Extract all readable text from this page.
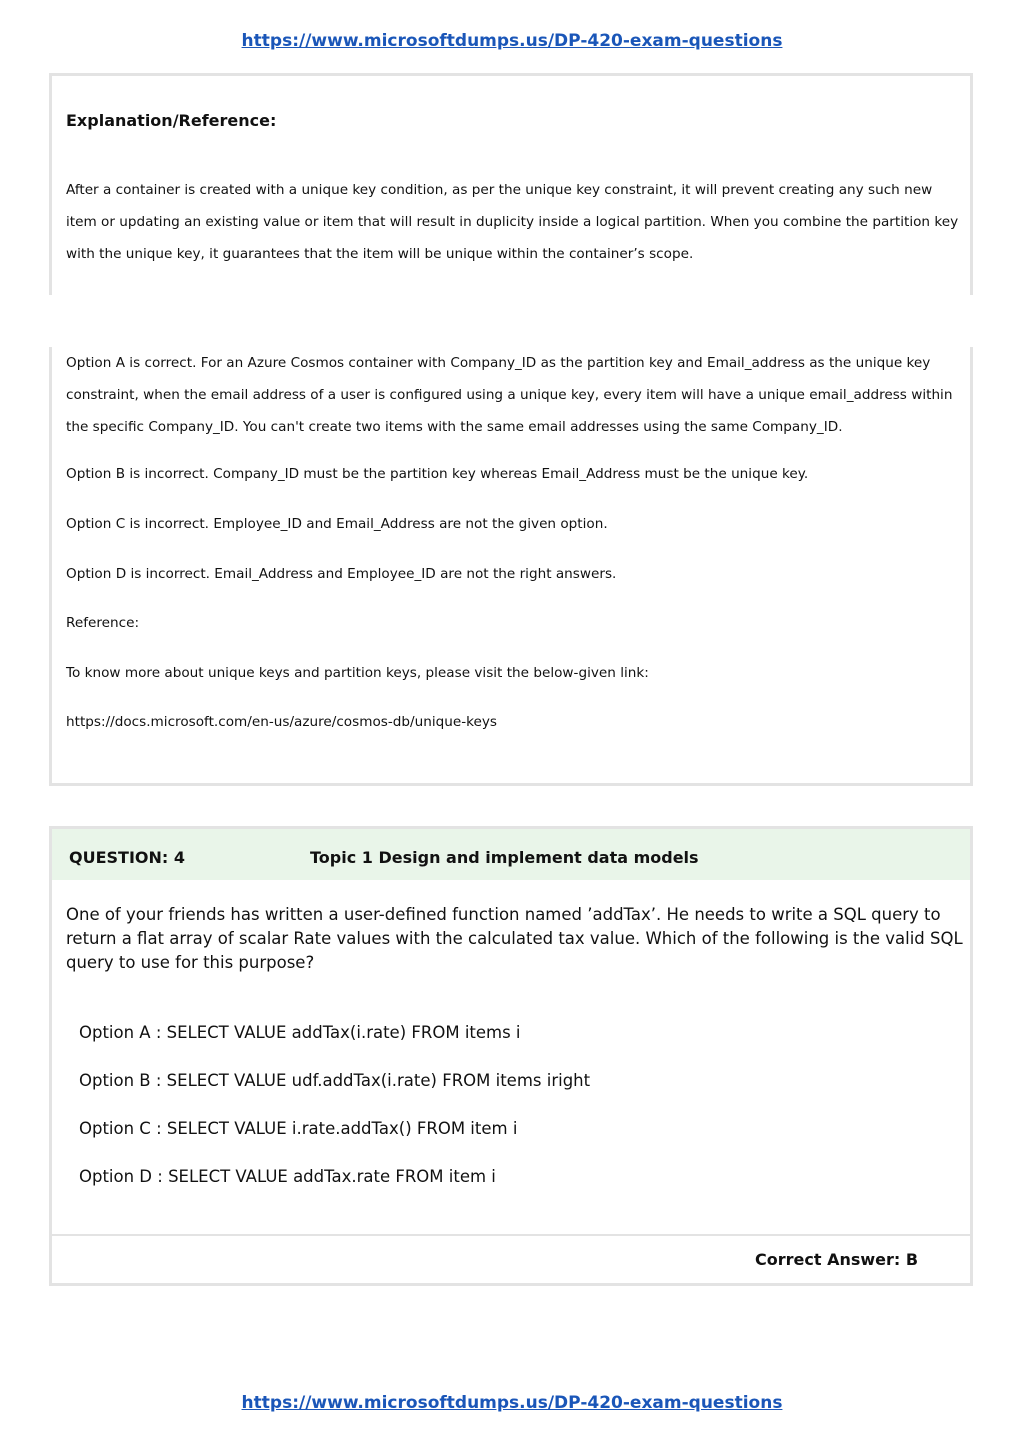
https://www.microsoftdumps.us/DP-420-exam-questions
Explanation/Reference:

After a container is created with a unique key condition, as per the unique key constraint, it will prevent creating any such new item or updating an existing value or item that will result in duplicity inside a logical partition. When you combine the partition key with the unique key, it guarantees that the item will be unique within the container’s scope.

Option A is correct. For an Azure Cosmos container with Company_ID as the partition key and Email_address as the unique key constraint, when the email address of a user is configured using a unique key, every item will have a unique email_address within the specific Company_ID. You can't create two items with the same email addresses using the same Company_ID.

Option B is incorrect. Company_ID must be the partition key whereas Email_Address must be the unique key.

Option C is incorrect. Employee_ID and Email_Address are not the given option.

Option D is incorrect. Email_Address and Employee_ID are not the right answers.

Reference:

To know more about unique keys and partition keys, please visit the below-given link:

https://docs.microsoft.com/en-us/azure/cosmos-db/unique-keys

QUESTION: 4	Topic 1 Design and implement data models

One of your friends has written a user-defined function named ’addTax’. He needs to write a SQL query to return a flat array of scalar Rate values with the calculated tax value. Which of the following is the valid SQL query to use for this purpose?

Option A : SELECT VALUE addTax(i.rate) FROM items i

Option B : SELECT VALUE udf.addTax(i.rate) FROM items iright

Option C : SELECT VALUE i.rate.addTax() FROM item i

Option D : SELECT VALUE addTax.rate FROM item i

Correct Answer: B
https://www.microsoftdumps.us/DP-420-exam-questions
